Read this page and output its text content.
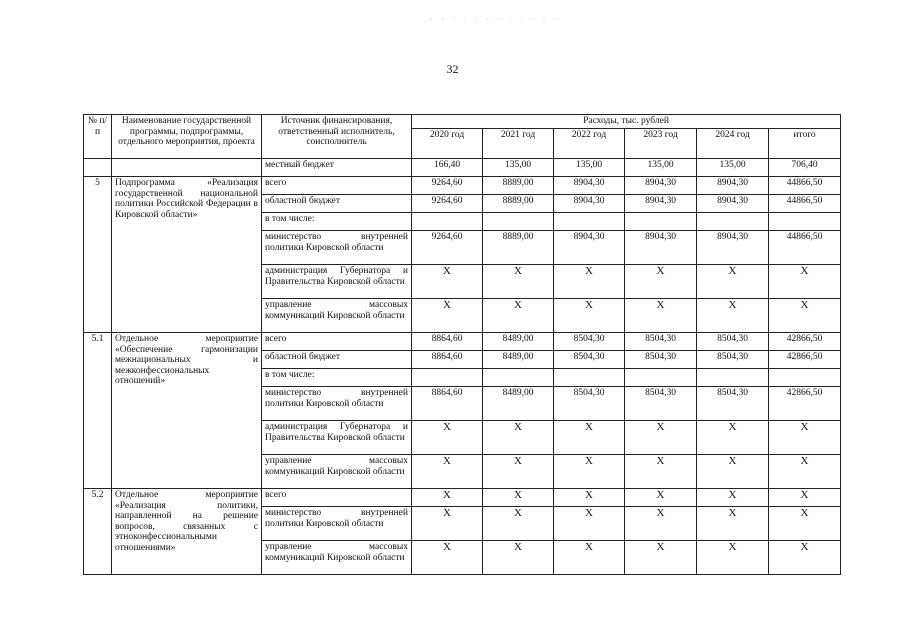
· · · · · · · · · · · ·
32
№ п/п	Наименование государственной программы, подпрограммы, отдельного мероприятия, проекта	Источник финансирования, ответственный исполнитель, соисполнитель	Расходы, тыс. рублей					
			2020 год	2021 год	2022 год	2023 год	2024 год	итого
		местный бюджет	166,40	135,00	135,00	135,00	135,00	706,40
5	Подпрограмма «Реализация государственной национальной политики Российской Федерации в Кировской области»	всего	9264,60	8889,00	8904,30	8904,30	8904,30	44866,50
		областной бюджет	9264,60	8889,00	8904,30	8904,30	8904,30	44866,50
		в том числе:						
		министерство внутренней политики Кировской области	9264,60	8889,00	8904,30	8904,30	8904,30	44866,50
		администрация Губернатора и Правительства Кировской области	X	X	X	X	X	X
		управление массовых коммуникаций Кировской области	X	X	X	X	X	X
5.1	Отдельное мероприятие «Обеспечение гармонизации межнациональных и межконфессиональных отношений»	всего	8864,60	8489,00	8504,30	8504,30	8504,30	42866,50
		областной бюджет	8864,60	8489,00	8504,30	8504,30	8504,30	42866,50
		в том числе:						
		министерство внутренней политики Кировской области	8864,60	8489,00	8504,30	8504,30	8504,30	42866,50
		администрация Губернатора и Правительства Кировской области	X	X	X	X	X	X
		управление массовых коммуникаций Кировской области	X	X	X	X	X	X
5.2	Отдельное мероприятие «Реализация политики, направленной на решение вопросов, связанных с этноконфессиональными отношениями»	всего	X	X	X	X	X	X
		министерство внутренней политики Кировской области	X	X	X	X	X	X
		управление массовых коммуникаций Кировской области	X	X	X	X	X	X
